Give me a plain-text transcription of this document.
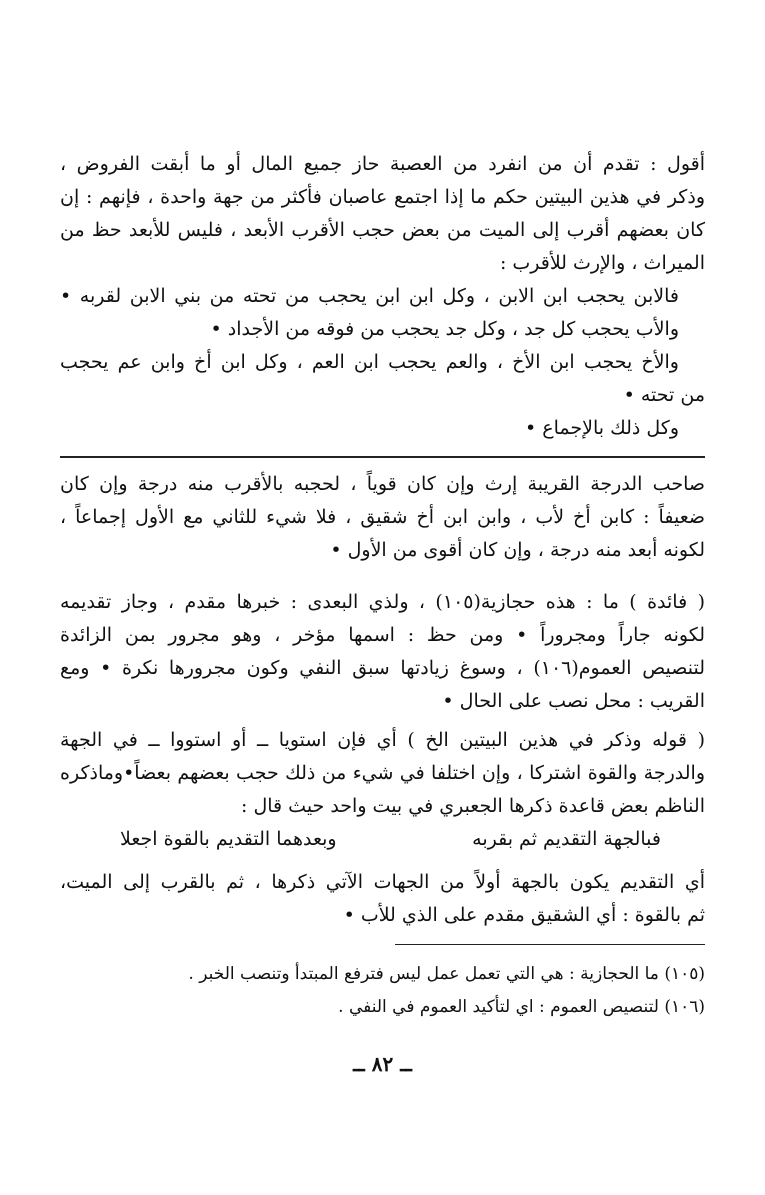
أقول : تقدم أن من انفرد من العصبة حاز جميع المال أو ما أبقت الفروض ،
وذكر في هذين البيتين حكم ما إذا اجتمع عاصبان فأكثر من جهة واحدة ، فإنهم : إن
كان بعضهم أقرب إلى الميت من بعض حجب الأقرب الأبعد ، فليس للأبعد حظ من
الميراث ، والإرث للأقرب :
فالابن يحجب ابن الابن ، وكل ابن ابن يحجب من تحته من بني الابن لقربه •
والأب يحجب كل جد ، وكل جد يحجب من فوقه من الأجداد •
والأخ يحجب ابن الأخ ، والعم يحجب ابن العم ، وكل ابن أخ وابن عم يحجب
من تحته •
وكل ذلك بالإجماع •
صاحب الدرجة القريبة إرث وإن كان قوياً ، لحجبه بالأقرب منه درجة وإن كان
ضعيفاً : كابن أخ لأب ، وابن ابن أخ شقيق ، فلا شيء للثاني مع الأول إجماعاً ،
لكونه أبعد منه درجة ، وإن كان أقوى من الأول •
( فائدة ) ما : هذه حجازية(١٠٥) ، ولذي البعدى : خبرها مقدم ، وجاز تقديمه
لكونه جاراً ومجروراً • ومن حظ : اسمها مؤخر ، وهو مجرور بمن الزائدة
لتنصيص العموم(١٠٦) ، وسوغ زيادتها سبق النفي وكون مجرورها نكرة • ومع
القريب : محل نصب على الحال •
( قوله وذكر في هذين البيتين الخ ) أي فإن استويا ــ أو استووا ــ في الجهة
والدرجة والقوة اشتركا ، وإن اختلفا في شيء من ذلك حجب بعضهم بعضاً•وماذكره
الناظم بعض قاعدة ذكرها الجعبري في بيت واحد حيث قال :
فبالجهة التقديم ثم بقربه
وبعدهما التقديم بالقوة اجعلا
أي التقديم يكون بالجهة أولاً من الجهات الآتي ذكرها ، ثم بالقرب إلى الميت،
ثم بالقوة : أي الشقيق مقدم على الذي للأب •
(١٠٥) ما الحجازية : هي التي تعمل عمل ليس فترفع المبتدأ وتنصب الخبر .
(١٠٦) لتنصيص العموم : اي لتأكيد العموم في النفي .
ــ ٨٢ ــ
